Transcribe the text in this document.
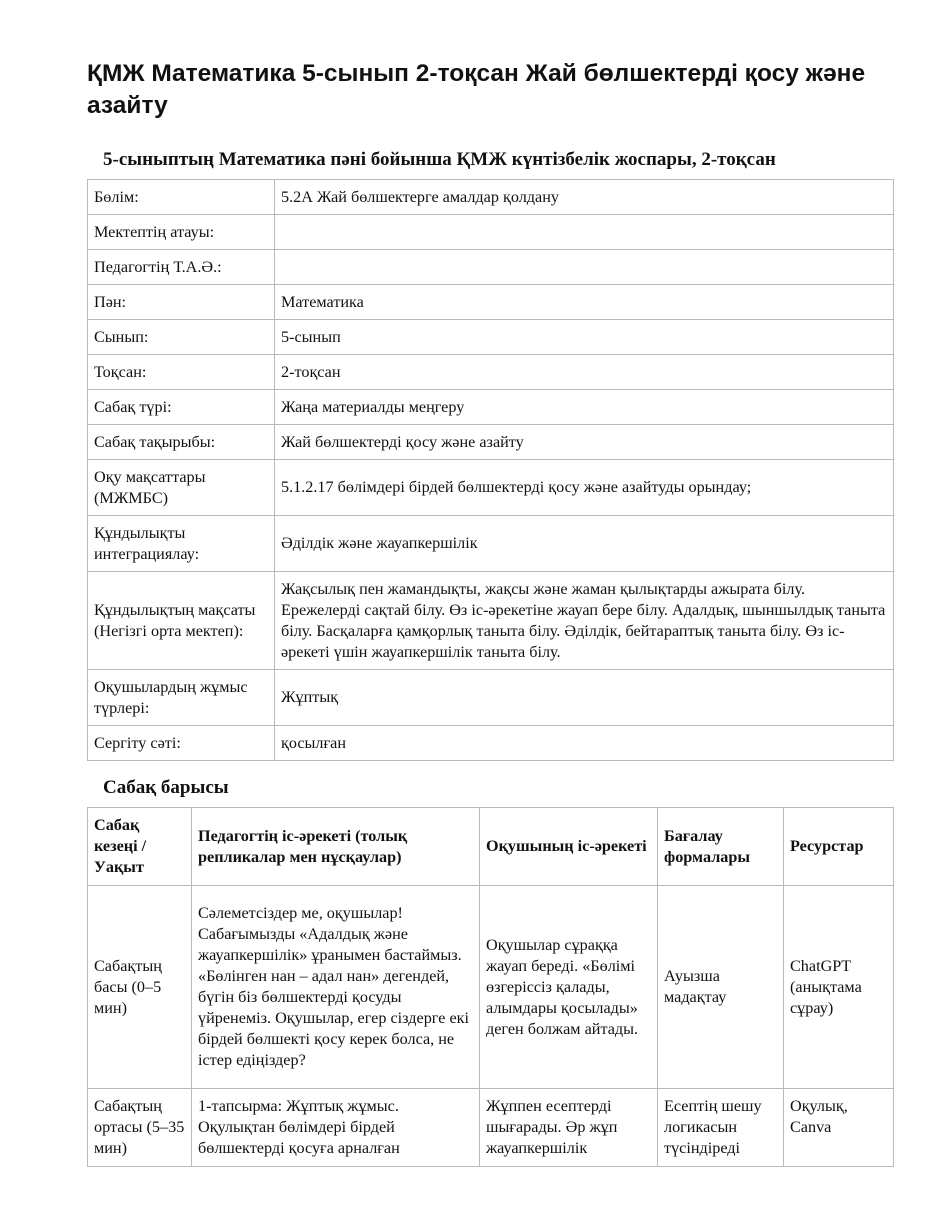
ҚМЖ Математика 5-сынып 2-тоқсан Жай бөлшектерді қосу және азайту
5-сыныптың Математика пәні бойынша ҚМЖ күнтізбелік жоспары, 2-тоқсан
Бөлім:	5.2А Жай бөлшектерге амалдар қолдану
Мектептің атауы:	
Педагогтің Т.А.Ә.:	
Пән:	Математика
Сынып:	5-сынып
Тоқсан:	2-тоқсан
Сабақ түрі:	Жаңа материалды меңгеру
Сабақ тақырыбы:	Жай бөлшектерді қосу және азайту
Оқу мақсаттары (МЖМБС)	5.1.2.17 бөлімдері бірдей бөлшектерді қосу және азайтуды орындау;
Құндылықты интеграциялау:	Әділдік және жауапкершілік
Құндылықтың мақсаты (Негізгі орта мектеп):	Жақсылық пен жамандықты, жақсы және жаман қылықтарды ажырата білу. Ережелерді сақтай білу. Өз іс-әрекетіне жауап бере білу. Адалдық, шыншылдық таныта білу. Басқаларға қамқорлық таныта білу. Әділдік, бейтараптық таныта білу. Өз іс-әрекеті үшін жауапкершілік таныта білу.
Оқушылардың жұмыс түрлері:	Жұптық
Сергіту сәті:	қосылған
Сабақ барысы
Сабақ кезеңі / Уақыт	Педагогтің іс-әрекеті (толық репликалар мен нұсқаулар)	Оқушының іс-әрекеті	Бағалау формалары	Ресурстар
Сабақтың басы (0–5 мин)	Сәлеметсіздер ме, оқушылар! Сабағымызды «Адалдық және жауапкершілік» ұранымен бастаймыз. «Бөлінген нан – адал нан» дегендей, бүгін біз бөлшектерді қосуды үйренеміз. Оқушылар, егер сіздерге екі бірдей бөлшекті қосу керек болса, не істер едіңіздер?	Оқушылар сұраққа жауап береді. «Бөлімі өзгеріссіз қалады, алымдары қосылады» деген болжам айтады.	Ауызша мадақтау	ChatGPT (анықтама сұрау)
Сабақтың ортасы (5–35 мин)	1-тапсырма: Жұптық жұмыс. Оқулықтан бөлімдері бірдей бөлшектерді қосуға арналған	Жұппен есептерді шығарады. Әр жұп жауапкершілік	Есептің шешу логикасын түсіндіреді	Оқулық, Canva
